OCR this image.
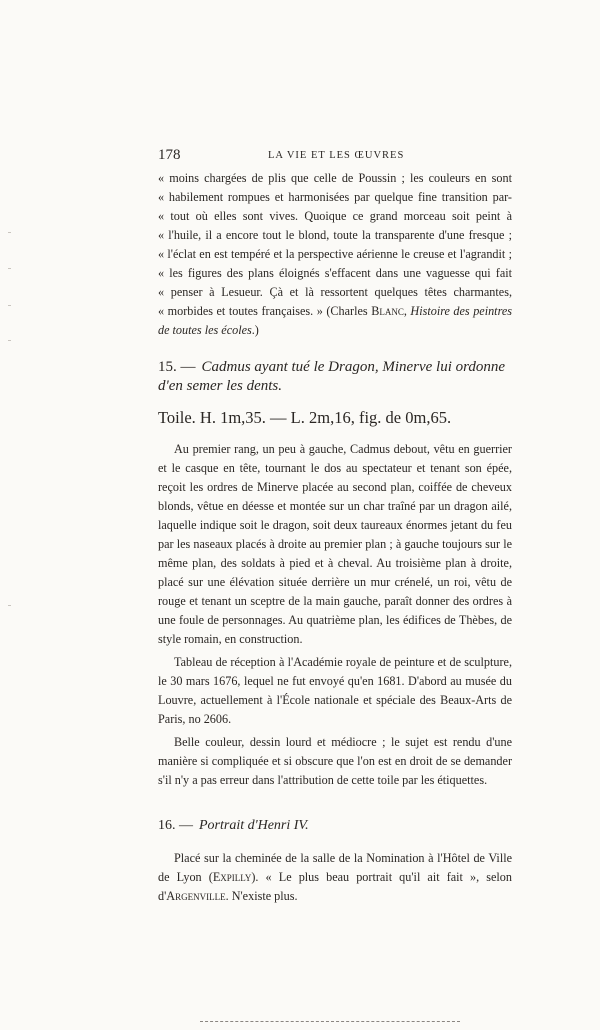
178	LA VIE ET LES ŒUVRES
« moins chargées de plis que celle de Poussin ; les couleurs en sont
« habilement rompues et harmonisées par quelque fine transition par-
« tout où elles sont vives. Quoique ce grand morceau soit peint à
« l'huile, il a encore tout le blond, toute la transparente d'une fresque ;
« l'éclat en est tempéré et la perspective aérienne le creuse et l'agrandit ;
« les figures des plans éloignés s'effacent dans une vaguesse qui fait
« penser à Lesueur. Çà et là ressortent quelques têtes charmantes,
« morbides et toutes françaises. » (Charles Blanc, Histoire des peintres
de toutes les écoles.)
15. — Cadmus ayant tué le Dragon, Minerve lui ordonne d'en semer les dents.
Toile. H. 1m,35. — L. 2m,16, fig. de 0m,65.

Au premier rang, un peu à gauche, Cadmus debout, vêtu en guerrier et le casque en tête, tournant le dos au spectateur et tenant son épée, reçoit les ordres de Minerve placée au second plan, coiffée de cheveux blonds, vêtue en déesse et montée sur un char traîné par un dragon ailé, laquelle indique soit le dragon, soit deux taureaux énormes jetant du feu par les naseaux placés à droite au premier plan ; à gauche toujours sur le même plan, des soldats à pied et à cheval. Au troisième plan à droite, placé sur une élévation située derrière un mur crénelé, un roi, vêtu de rouge et tenant un sceptre de la main gauche, paraît donner des ordres à une foule de personnages. Au quatrième plan, les édifices de Thèbes, de style romain, en construction.

Tableau de réception à l'Académie royale de peinture et de sculpture, le 30 mars 1676, lequel ne fut envoyé qu'en 1681. D'abord au musée du Louvre, actuellement à l'École nationale et spéciale des Beaux-Arts de Paris, no 2606.

Belle couleur, dessin lourd et médiocre ; le sujet est rendu d'une manière si compliquée et si obscure que l'on est en droit de se demander s'il n'y a pas erreur dans l'attribution de cette toile par les étiquettes.

16. — Portrait d'Henri IV.

Placé sur la cheminée de la salle de la Nomination à l'Hôtel de Ville de Lyon (Expilly). « Le plus beau portrait qu'il ait fait », selon d'Argenville. N'existe plus.
